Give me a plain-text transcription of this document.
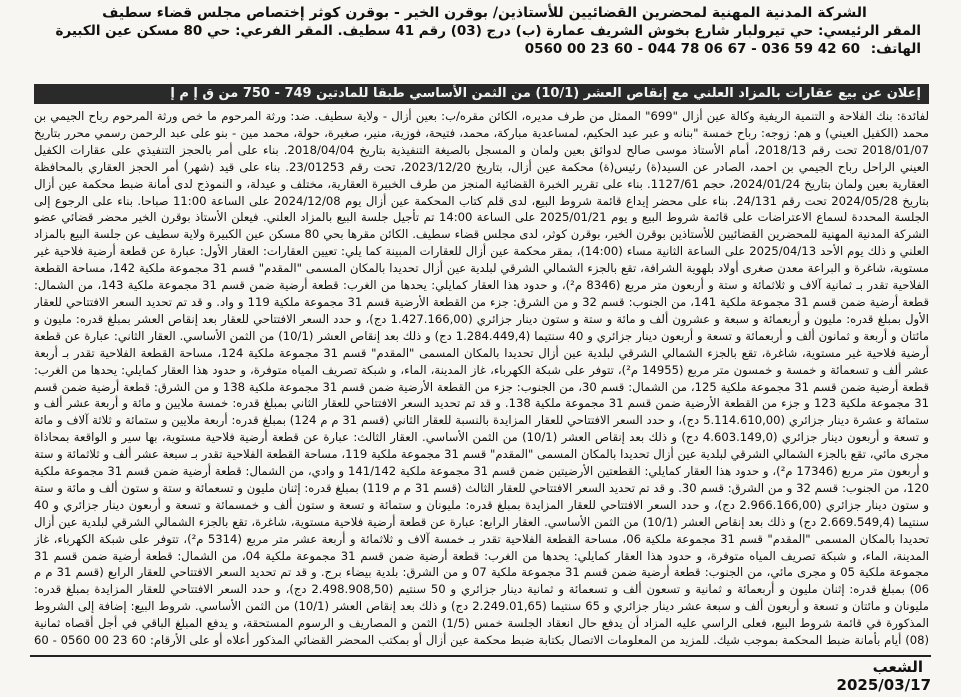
الشركة المدنية المهنية لمحضرين القضائيين للأستاذين/ بوقرن الخير - بوقرن كوثر إختصاص مجلس قضاء سطيف
المقر الرئيسي: حي تيرولبار شارع بخوش الشريف عمارة (ب) درج (03) رقم 41 سطيف. المقر الفرعي: حي 80 مسكن عين الكبيرة
الهاتف: 0560 00 23 60 - 044 78 06 67 - 036 59 42 60
إعلان عن بيع عقارات بالمزاد العلني مع إنقاص العشر (10/1) من الثمن الأساسي طبقا للمادتين 749 - 750 من ق إ م إ

لفائدة: بنك الفلاحة و التنمية الريفية وكالة عين أزال "699" الممثل من طرف مديره، الكائن مقره/ب: بعين أزال - ولاية سطيف. ضد: ورثة المرحوم ما خص ورثة المرحوم رباح الجيمي بن محمد (الكفيل العيني) و هم: زوجه: رباح خمسة "بنانه و عبر عبد الحكيم، لمساعدية مباركة، محمد، فتيحة، فوزية، منير، صغيرة، حولة، محمد مين - بنو على عبد الرحمن رسمي محرر بتاريخ 2018/01/07 تحت رقم 2018/13، أمام الأستاذ موسى صالح لدوائق بعين ولمان و المسجل بالصيغة التنفيذية بتاريخ 2018/04/04. بناء على أمر بالحجز التنفيذي على عقارات الكفيل العيني الراحل رباح الجيمي بن احمد، الصادر عن السيد(ة) رئيس(ة) محكمة عين أزال، بتاريخ 2023/12/20، تحت رقم 23/01253. بناء على قيد (شهر) أمر الحجز العقاري بالمحافظة العقارية بعين ولمان بتاريخ 2024/01/24، حجم 1127/61. بناء على تقرير الخبرة القضائية المنجز من طرف الخبيرة العقارية، مختلف و عيدلة، و النموذج لدى أمانة ضبط محكمة عين أزال بتاريخ 2024/05/28 تحت رقم 24/131. بناء على محضر إيداع قائمة شروط البيع، لدى قلم كتاب المحكمة عين أزال يوم 2024/12/08 على الساعة 11:00 صباحا. بناء على الرجوع إلى الجلسة المحددة لسماع الاعتراضات على قائمة شروط البيع و يوم 2025/01/21 على الساعة 14:00 تم تأجيل جلسة البيع بالمزاد العلني. فيعلن الأستاذ بوقرن الخير محضر قضائي عضو الشركة المدنية المهنية للمحضرين القضائيين للأستاذين بوقرن الخير، بوقرن كوثر، لدى مجلس قضاء سطيف. الكائن مقرها بحي 80 مسكن عين الكبيرة ولاية سطيف عن جلسة البيع بالمزاد العلني و ذلك يوم الأحد 2025/04/13 على الساعة الثانية مساء (14:00)، بمقر محكمة عين أزال للعقارات المبينة كما يلي: تعيين العقارات: العقار الأول: عبارة عن قطعة أرضية فلاحية غير مستوية، شاغرة و البراعة معدن صغرى أولاد بلهوية الشرافة، تقع بالجزء الشمالي الشرقي لبلدية عين أزال تحديدا بالمكان المسمى "المقدم" قسم 31 مجموعة ملكية 142، مساحة القطعة الفلاحية تقدر بـ ثمانية آلاف و ثلاثمائة و ستة و أربعون متر مربع (8346 م²)، و حدود هذا العقار كمايلي: يحدها من الغرب: قطعة أرضية ضمن قسم 31 مجموعة ملكية 143، من الشمال: قطعة أرضية ضمن قسم 31 مجموعة ملكية 141، من الجنوب: قسم 32 و من الشرق: جزء من القطعة الأرضية قسم 31 مجموعة ملكية 119 و واد. و قد تم تحديد السعر الافتتاحي للعقار الأول بمبلغ قدره: مليون و أربعمائة و سبعة و عشرون ألف و مائة و ستة و ستون دينار جزائري (1.427.166,00 دج)، و حدد السعر الافتتاحي للعقار بعد إنقاص العشر بمبلغ قدره: مليون و مائتان و أربعة و ثمانون ألف و أربعمائة و تسعة و أربعون دينار جزائري و 40 سنتيما (1.284.449,4 دج) و ذلك بعد إنقاص العشر (10/1) من الثمن الأساسي. العقار الثاني: عبارة عن قطعة أرضية فلاحية غير مستوية، شاغرة، تقع بالجزء الشمالي الشرقي لبلدية عين أزال تحديدا بالمكان المسمى "المقدم" قسم 31 مجموعة ملكية 124، مساحة القطعة الفلاحية تقدر بـ أربعة عشر ألف و تسعمائة و خمسة و خمسون متر مربع (14955 م²)، تتوفر على شبكة الكهرباء، غاز المدينة، الماء، و شبكة تصريف المياه متوفرة، و حدود هذا العقار كمايلي: يحدها من الغرب: قطعة أرضية ضمن قسم 31 مجموعة ملكية 125، من الشمال: قسم 30، من الجنوب: جزء من القطعة الأرضية ضمن قسم 31 مجموعة ملكية 138 و من الشرق: قطعة أرضية ضمن قسم 31 مجموعة ملكية 123 و جزء من القطعة الأرضية ضمن قسم 31 مجموعة ملكية 138. و قد تم تحديد السعر الافتتاحي للعقار الثاني بمبلغ قدره: خمسة ملايين و مائة و أربعة عشر ألف و ستمائة و عشرة دينار جزائري (5.114.610,00 دج)، و حدد السعر الافتتاحي للعقار المزايدة بالنسبة للعقار الثاني (قسم 31 م م 124) بمبلغ قدره: أربعة ملايين و ستمائة و ثلاثة آلاف و مائة و تسعة و أربعون دينار جزائري (4.603.149,0 دج) و ذلك بعد إنقاص العشر (10/1) من الثمن الأساسي. العقار الثالث: عبارة عن قطعة أرضية فلاحية مستوية، بها سير و الواقعة بمحاذاة مجرى مائي، تقع بالجزء الشمالي الشرقي لبلدية عين أزال تحديدا بالمكان المسمى "المقدم" قسم 31 مجموعة ملكية 119، مساحة القطعة الفلاحية تقدر بـ سبعة عشر ألف و ثلاثمائة و ستة و أربعون متر مربع (17346 م²)، و حدود هذا العقار كمايلي: القطعتين الأرضيتين ضمن قسم 31 مجموعة ملكية 141/142 و وادي، من الشمال: قطعة أرضية ضمن قسم 31 مجموعة ملكية 120، من الجنوب: قسم 32 و من الشرق: قسم 30. و قد تم تحديد السعر الافتتاحي للعقار الثالث (قسم 31 م م 119) بمبلغ قدره: إثنان مليون و تسعمائة و ستة و ستون ألف و مائة و ستة و ستون دينار جزائري (2.966.166,00 دج)، و حدد السعر الافتتاحي للعقار المزايدة بمبلغ قدره: مليونان و ستمائة و تسعة و ستون ألف و خمسمائة و تسعة و أربعون دينار جزائري و 40 سنتيما (2.669.549,4 دج) و ذلك بعد إنقاص العشر (10/1) من الثمن الأساسي. العقار الرابع: عبارة عن قطعة أرضية فلاحية مستوية، شاغرة، تقع بالجزء الشمالي الشرقي لبلدية عين أزال تحديدا بالمكان المسمى "المقدم" قسم 31 مجموعة ملكية 06، مساحة القطعة الفلاحية تقدر بـ خمسة آلاف و ثلاثمائة و أربعة عشر متر مربع (5314 م²)، تتوفر على شبكة الكهرباء، غاز المدينة، الماء، و شبكة تصريف المياه متوفرة، و حدود هذا العقار كمايلي: يحدها من الغرب: قطعة أرضية ضمن قسم 31 مجموعة ملكية 04، من الشمال: قطعة أرضية ضمن قسم 31 مجموعة ملكية 05 و مجرى مائي، من الجنوب: قطعة أرضية ضمن قسم 31 مجموعة ملكية 07 و من الشرق: بلدية بيضاء برج. و قد تم تحديد السعر الافتتاحي للعقار الرابع (قسم 31 م م 06) بمبلغ قدره: إثنان مليون و أربعمائة و ثمانية و تسعون ألف و تسعمائة و ثمانية دينار جزائري و 50 سنتيم (2.498.908,50 دج)، و حدد السعر الافتتاحي للعقار المزايدة بمبلغ قدره: مليونان و مائتان و تسعة و أربعون ألف و سبعة عشر دينار جزائري و 65 سنتيما (2.249.01,65 دج) و ذلك بعد إنقاص العشر (10/1) من الثمن الأساسي. شروط البيع: إضافة إلى الشروط المذكورة في قائمة شروط البيع، فعلى الراسي عليه المزاد أن يدفع حال انعقاد الجلسة خمس (1/5) الثمن و المصاريف و الرسوم المستحقة، و يدفع المبلغ الباقي في أجل أقصاه ثمانية (08) أيام بأمانة ضبط المحكمة بموجب شيك. للمزيد من المعلومات الاتصال بكتابة ضبط محكمة عين أزال أو بمكتب المحضر القضائي المذكور أعلاه أو على الأرقام: 60 23 00 0560 - 60

الشعب
2025/03/17
